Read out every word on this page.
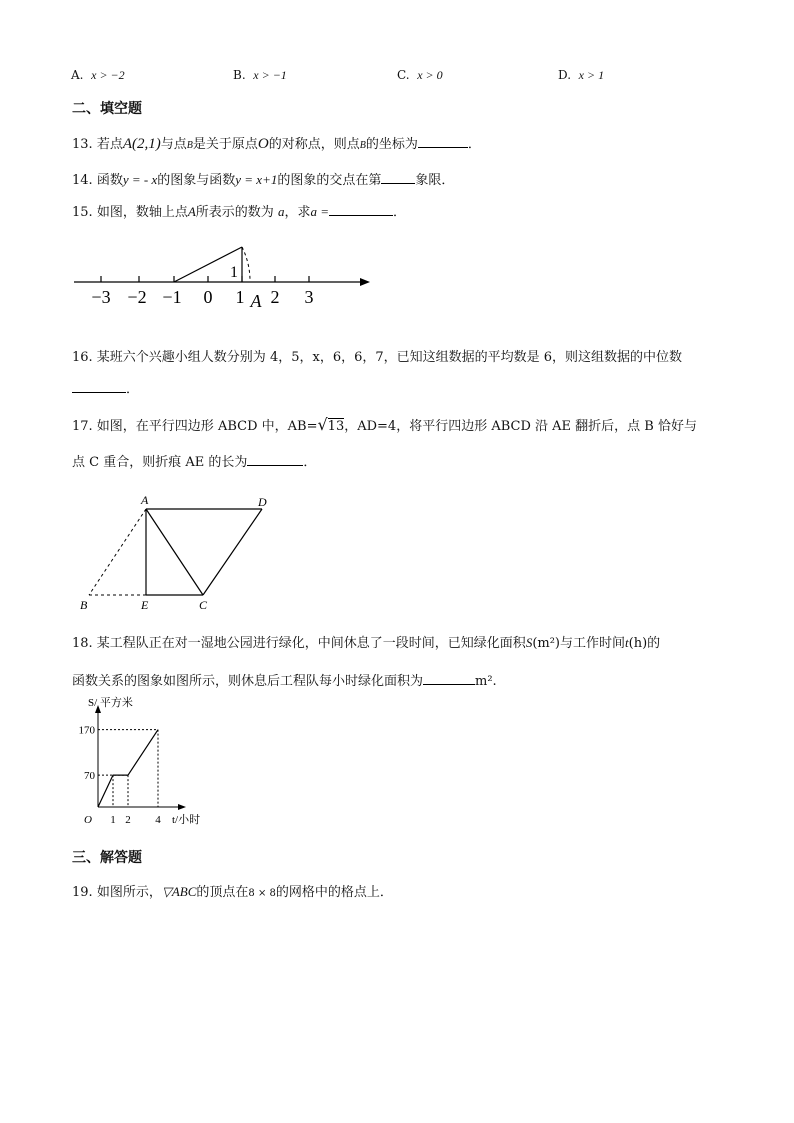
A. x > −2	B. x > −1	C. x > 0	D. x > 1
二、填空题
13. 若点A(2,1)与点B是关于原点O的对称点，则点B的坐标为	．
14. 函数y = - x的图象与函数y = x+1的图象的交点在第	象限．
15. 如图，数轴上点A所表示的数为 a，求a =	．
−3 −2 −1 0 1 2 3
1
A
16. 某班六个兴趣小组人数分别为 4，5，x，6，6，7，已知这组数据的平均数是 6，则这组数据的中位数
．
17. 如图，在平行四边形 ABCD 中，AB=√13，AD=4，将平行四边形 ABCD 沿 AE 翻折后，点 B 恰好与
点 C 重合，则折痕 AE 的长为	．
A	D
B	E	C
18. 某工程队正在对一湿地公园进行绿化，中间休息了一段时间，已知绿化面积S(m²)与工作时间t(h)的
函数关系的图象如图所示，则休息后工程队每小时绿化面积为	m².
S/ 平方米
t/小时
O 1 2 4
70
170
三、解答题
19. 如图所示，▽ABC的顶点在8 × 8的网格中的格点上．
